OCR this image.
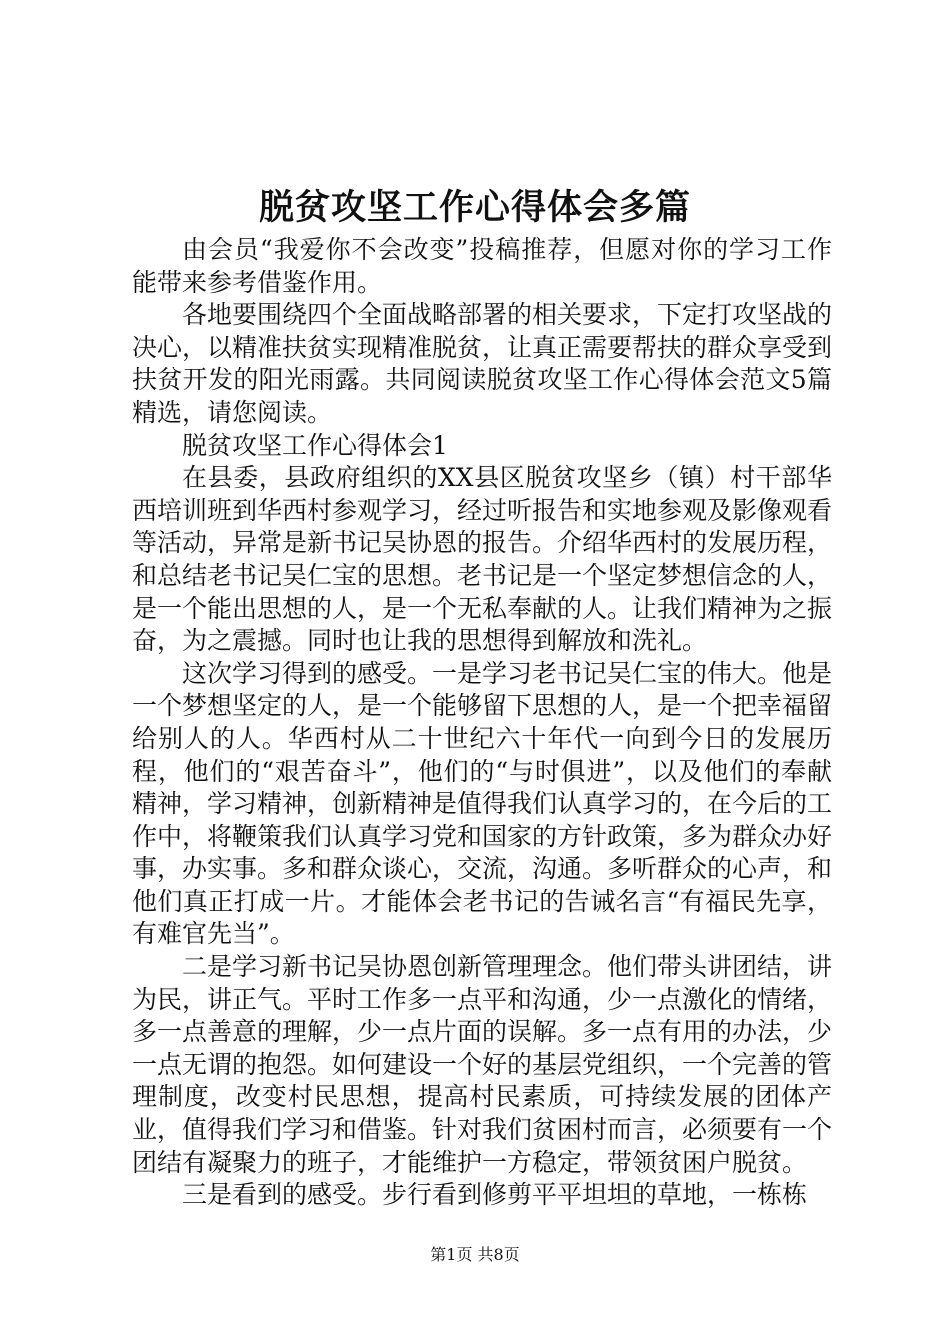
脱贫攻坚工作心得体会多篇

由会员“我爱你不会改变”投稿推荐，但愿对你的学习工作能带来参考借鉴作用。

各地要围绕四个全面战略部署的相关要求，下定打攻坚战的决心，以精准扶贫实现精准脱贫，让真正需要帮扶的群众享受到扶贫开发的阳光雨露。共同阅读脱贫攻坚工作心得体会范文5篇精选，请您阅读。

脱贫攻坚工作心得体会1

在县委，县政府组织的XX县区脱贫攻坚乡（镇）村干部华西培训班到华西村参观学习，经过听报告和实地参观及影像观看等活动，异常是新书记吴协恩的报告。介绍华西村的发展历程，和总结老书记吴仁宝的思想。老书记是一个坚定梦想信念的人，是一个能出思想的人，是一个无私奉献的人。让我们精神为之振奋，为之震撼。同时也让我的思想得到解放和洗礼。

这次学习得到的感受。一是学习老书记吴仁宝的伟大。他是一个梦想坚定的人，是一个能够留下思想的人，是一个把幸福留给别人的人。华西村从二十世纪六十年代一向到今日的发展历程，他们的“艰苦奋斗”，他们的“与时俱进”，以及他们的奉献精神，学习精神，创新精神是值得我们认真学习的，在今后的工作中，将鞭策我们认真学习党和国家的方针政策，多为群众办好事，办实事。多和群众谈心，交流，沟通。多听群众的心声，和他们真正打成一片。才能体会老书记的告诫名言“有福民先享，有难官先当”。

二是学习新书记吴协恩创新管理理念。他们带头讲团结，讲为民，讲正气。平时工作多一点平和沟通，少一点激化的情绪，多一点善意的理解，少一点片面的误解。多一点有用的办法，少一点无谓的抱怨。如何建设一个好的基层党组织，一个完善的管理制度，改变村民思想，提高村民素质，可持续发展的团体产业，值得我们学习和借鉴。针对我们贫困村而言，必须要有一个团结有凝聚力的班子，才能维护一方稳定，带领贫困户脱贫。

三是看到的感受。步行看到修剪平平坦坦的草地，一栋栋

第1页 共8页
